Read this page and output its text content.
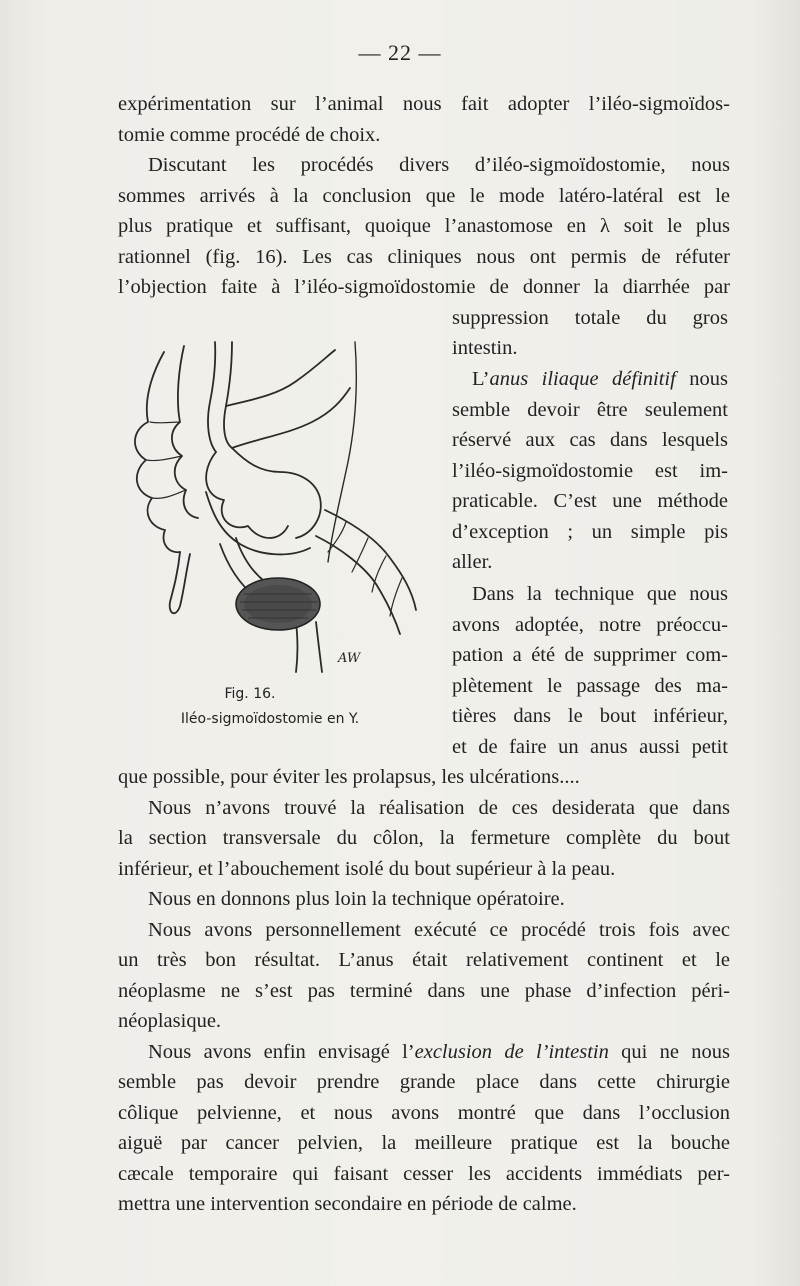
— 22 —
expérimentation sur l’animal nous fait adopter l’iléo-sigmoïdos-
tomie comme procédé de choix.
Discutant les procédés divers d’iléo-sigmoïdostomie, nous
sommes arrivés à la conclusion que le mode latéro-latéral est le
plus pratique et suffisant, quoique l’anastomose en λ soit le plus
rationnel (fig. 16). Les cas cliniques nous ont permis de réfuter
l’objection faite à l’iléo-sigmoïdostomie de donner la diarrhée par
suppression totale du gros
intestin.
L’anus iliaque définitif nous
semble devoir être seulement
réservé aux cas dans lesquels
l’iléo-sigmoïdostomie est im-
praticable. C’est une méthode
d’exception ; un simple pis
aller.
Dans la technique que nous
avons adoptée, notre préoccu-
pation a été de supprimer com-
plètement le passage des ma-
tières dans le bout inférieur,
et de faire un anus aussi petit
que possible, pour éviter les prolapsus, les ulcérations....
Nous n’avons trouvé la réalisation de ces desiderata que dans
la section transversale du côlon, la fermeture complète du bout
inférieur, et l’abouchement isolé du bout supérieur à la peau.
Nous en donnons plus loin la technique opératoire.
Nous avons personnellement exécuté ce procédé trois fois avec
un très bon résultat. L’anus était relativement continent et le
néoplasme ne s’est pas terminé dans une phase d’infection péri-
néoplasique.
Nous avons enfin envisagé l’exclusion de l’intestin qui ne nous
semble pas devoir prendre grande place dans cette chirurgie
côlique pelvienne, et nous avons montré que dans l’occlusion
aiguë par cancer pelvien, la meilleure pratique est la bouche
cæcale temporaire qui faisant cesser les accidents immédiats per-
mettra une intervention secondaire en période de calme.
AW
Fig. 16.
Iléo-sigmoïdostomie en Y.
